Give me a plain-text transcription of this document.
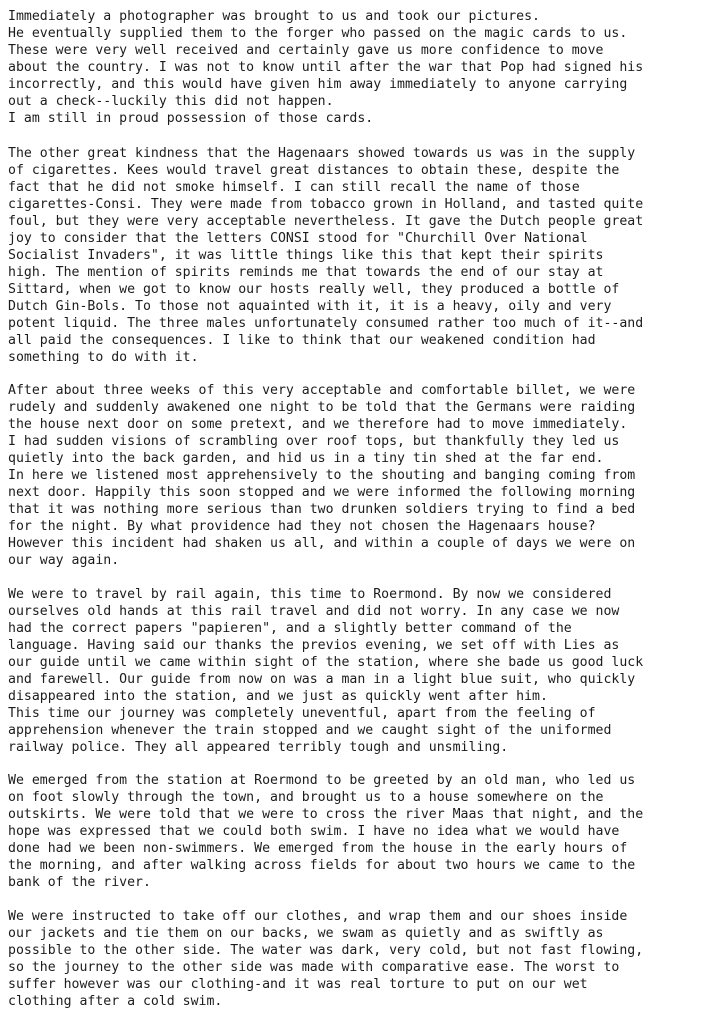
Immediately a photographer was brought to us and took our pictures.
He eventually supplied them to the forger who passed on the magic cards to us.
These were very well received and certainly gave us more confidence to move
about the country. I was not to know until after the war that Pop had signed his
incorrectly, and this would have given him away immediately to anyone carrying
out a check--luckily this did not happen.
I am still in proud possession of those cards.

The other great kindness that the Hagenaars showed towards us was in the supply
of cigarettes. Kees would travel great distances to obtain these, despite the
fact that he did not smoke himself. I can still recall the name of those
cigarettes-Consi. They were made from tobacco grown in Holland, and tasted quite
foul, but they were very acceptable nevertheless. It gave the Dutch people great
joy to consider that the letters CONSI stood for "Churchill Over National
Socialist Invaders", it was little things like this that kept their spirits
high. The mention of spirits reminds me that towards the end of our stay at
Sittard, when we got to know our hosts really well, they produced a bottle of
Dutch Gin-Bols. To those not aquainted with it, it is a heavy, oily and very
potent liquid. The three males unfortunately consumed rather too much of it--and
all paid the consequences. I like to think that our weakened condition had
something to do with it.

After about three weeks of this very acceptable and comfortable billet, we were
rudely and suddenly awakened one night to be told that the Germans were raiding
the house next door on some pretext, and we therefore had to move immediately.
I had sudden visions of scrambling over roof tops, but thankfully they led us
quietly into the back garden, and hid us in a tiny tin shed at the far end.
In here we listened most apprehensively to the shouting and banging coming from
next door. Happily this soon stopped and we were informed the following morning
that it was nothing more serious than two drunken soldiers trying to find a bed
for the night. By what providence had they not chosen the Hagenaars house?
However this incident had shaken us all, and within a couple of days we were on
our way again.

We were to travel by rail again, this time to Roermond. By now we considered
ourselves old hands at this rail travel and did not worry. In any case we now
had the correct papers "papieren", and a slightly better command of the
language. Having said our thanks the previos evening, we set off with Lies as
our guide until we came within sight of the station, where she bade us good luck
and farewell. Our guide from now on was a man in a light blue suit, who quickly
disappeared into the station, and we just as quickly went after him.
This time our journey was completely uneventful, apart from the feeling of
apprehension whenever the train stopped and we caught sight of the uniformed
railway police. They all appeared terribly tough and unsmiling.

We emerged from the station at Roermond to be greeted by an old man, who led us
on foot slowly through the town, and brought us to a house somewhere on the
outskirts. We were told that we were to cross the river Maas that night, and the
hope was expressed that we could both swim. I have no idea what we would have
done had we been non-swimmers. We emerged from the house in the early hours of
the morning, and after walking across fields for about two hours we came to the
bank of the river.

We were instructed to take off our clothes, and wrap them and our shoes inside
our jackets and tie them on our backs, we swam as quietly and as swiftly as
possible to the other side. The water was dark, very cold, but not fast flowing,
so the journey to the other side was made with comparative ease. The worst to
suffer however was our clothing-and it was real torture to put on our wet
clothing after a cold swim.
